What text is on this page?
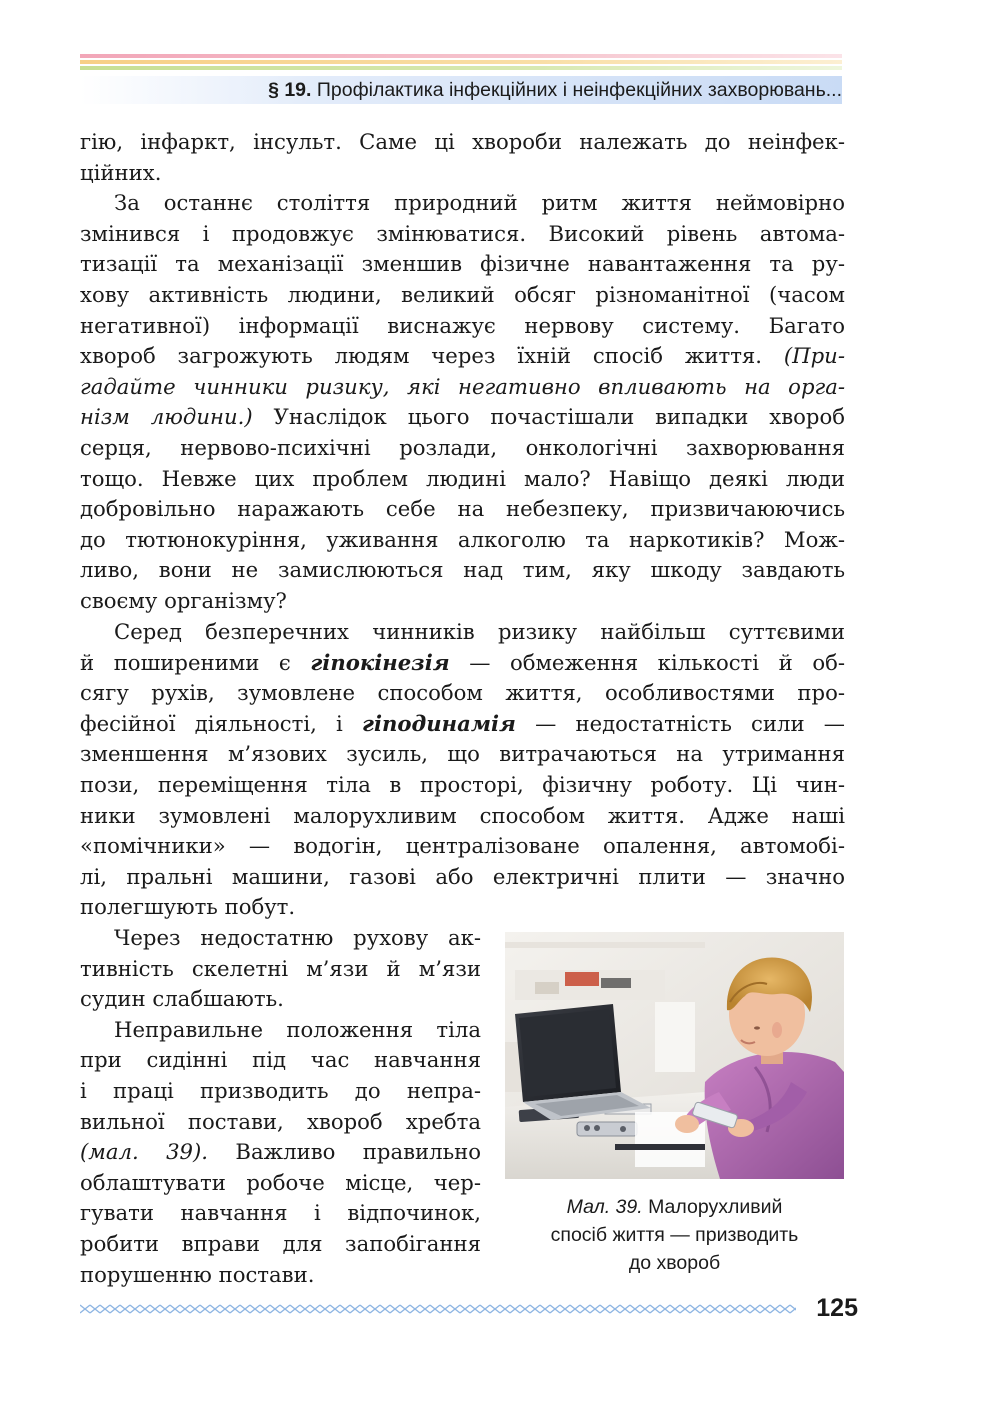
§ 19. Профілактика інфекційних і неінфекційних захворювань...
гію, інфаркт, інсульт. Саме ці хвороби належать до неінфек-
ційних.
За останнє століття природний ритм життя неймовірно
змінився і продовжує змінюватися. Високий рівень автома-
тизації та механізації зменшив фізичне навантаження та ру-
хову активність людини, великий обсяг різноманітної (часом
негативної) інформації виснажує нервову систему. Багато
хвороб загрожують людям через їхній спосіб життя. (При-
гадайте чинники ризику, які негативно впливають на орга-
нізм людини.) Унаслідок цього почастішали випадки хвороб
серця, нервово-психічні розлади, онкологічні захворювання
тощо. Невже цих проблем людині мало? Навіщо деякі люди
добровільно наражають себе на небезпеку, призвичаюючись
до тютюнокуріння, уживання алкоголю та наркотиків? Мож-
ливо, вони не замислюються над тим, яку шкоду завдають
своєму організму?
Серед безперечних чинників ризику найбільш суттєвими
й поширеними є гіпокінезія — обмеження кількості й об-
сягу рухів, зумовлене способом життя, особливостями про-
фесійної діяльності, і гіподинамія — недостатність сили —
зменшення м’язових зусиль, що витрачаються на утримання
пози, переміщення тіла в просторі, фізичну роботу. Ці чин-
ники зумовлені малорухливим способом життя. Адже наші
«помічники» — водогін, централізоване опалення, автомобі-
лі, пральні машини, газові або електричні плити — значно
полегшують побут.
Через недостатню рухову ак-
тивність скелетні м’язи й м’язи
судин слабшають.
Неправильне положення тіла
при сидінні під час навчання
і праці призводить до непра-
вильної постави, хвороб хребта
(мал. 39). Важливо правильно
облаштувати робоче місце, чер-
гувати навчання і відпочинок,
робити вправи для запобігання
порушенню постави.
Мал. 39. Малорухливий
спосіб життя — призводить
до хвороб
125
